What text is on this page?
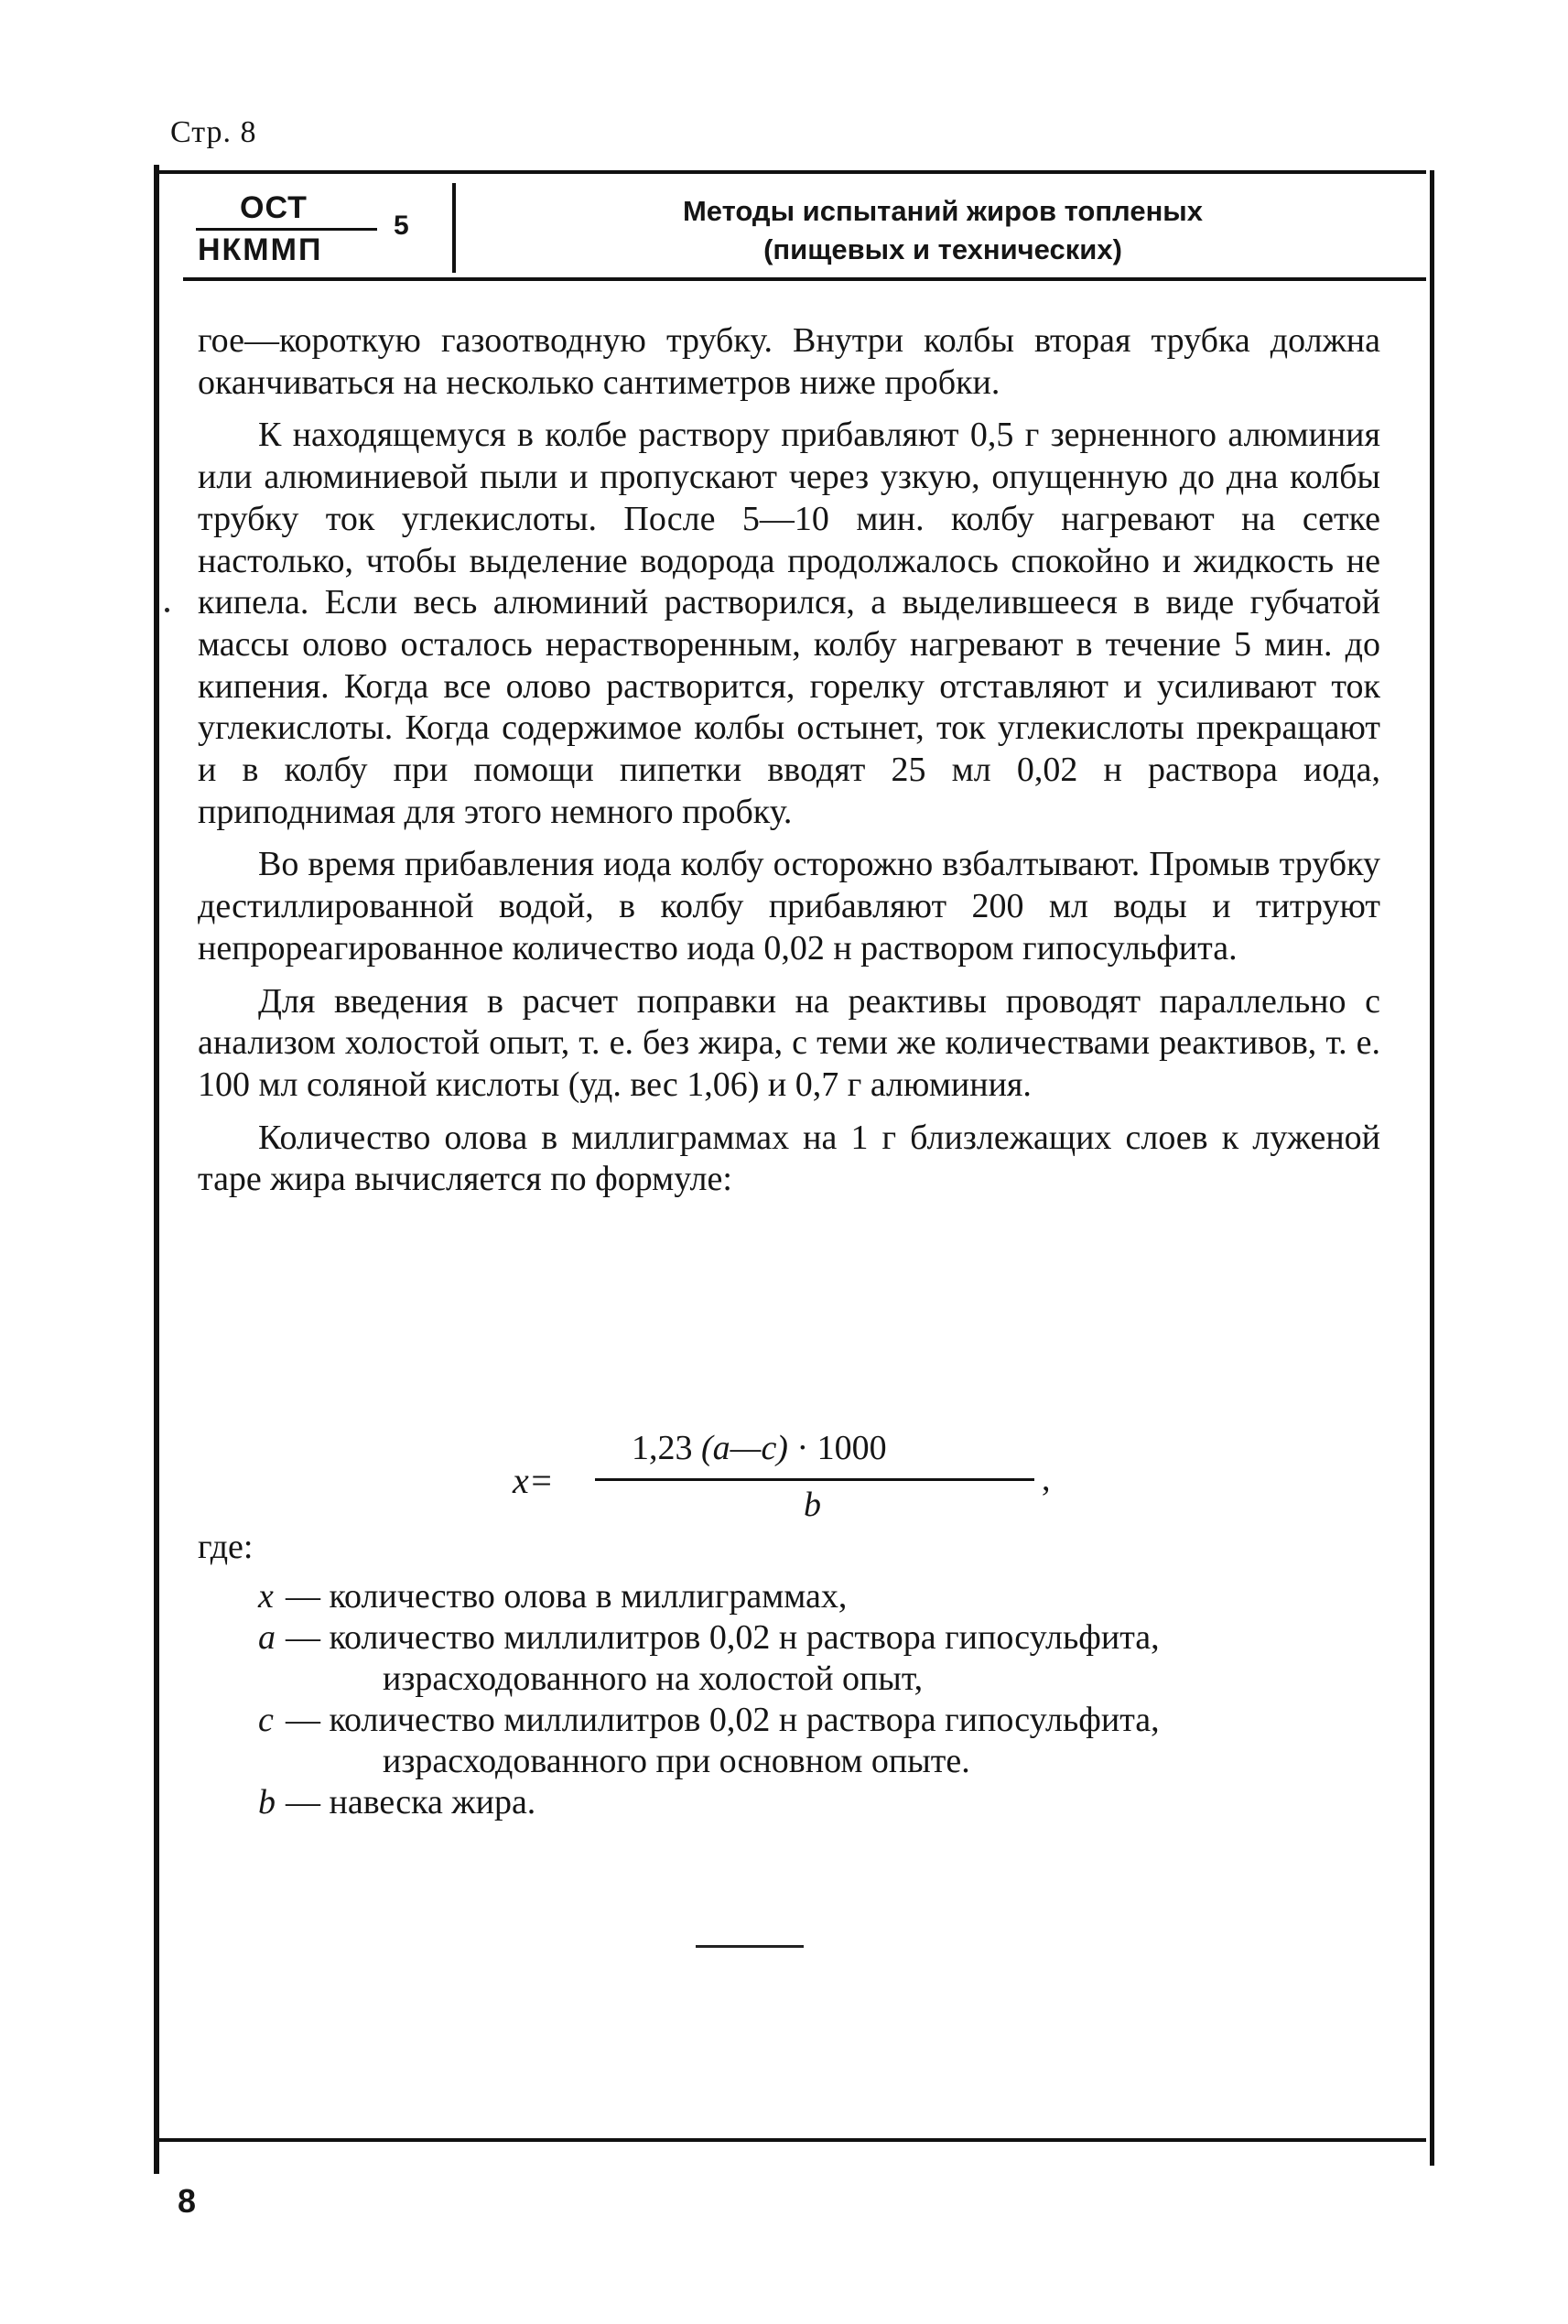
Стр. 8
ОСТ
НКММП
5	Методы испытаний жиров топленых
(пищевых и технических)

гое—короткую газоотводную трубку. Внутри колбы вторая трубка должна оканчиваться на несколько сантиметров ниже пробки.

К находящемуся в колбе раствору прибавляют 0,5 г зерненного алюминия или алюминиевой пыли и пропускают через узкую, опущенную до дна колбы трубку ток углекислоты. После 5—10 мин. колбу нагревают на сетке настолько, чтобы выделение водорода продолжалось спокойно и жидкость не кипела. Если весь алюминий растворился, а выделившееся в виде губчатой массы олово осталось нерастворенным, колбу нагревают в течение 5 мин. до кипения. Когда все олово растворится, горелку отставляют и усиливают ток углекислоты. Когда содержимое колбы остынет, ток углекислоты прекращают и в колбу при помощи пипетки вводят 25 мл 0,02 н раствора иода, приподнимая для этого немного пробку.

Во время прибавления иода колбу осторожно взбалтывают. Промыв трубку дестиллированной водой, в колбу прибавляют 200 мл воды и титруют непрореагированное количество иода 0,02 н раствором гипосульфита.

Для введения в расчет поправки на реактивы проводят параллельно с анализом холостой опыт, т. е. без жира, с теми же количествами реактивов, т. е. 100 мл соляной кислоты (уд. вес 1,06) и 0,7 г алюминия.

Количество олова в миллиграммах на 1 г близлежащих слоев к луженой таре жира вычисляется по формуле:

x=
1,23 (a—c) · 1000
b
,
где:
x — количество олова в миллиграммах,
a — количество миллилитров 0,02 н раствора гипосульфита,
израсходованного на холостой опыт,
c — количество миллилитров 0,02 н раствора гипосульфита,
израсходованного при основном опыте.
b — навеска жира.
8
